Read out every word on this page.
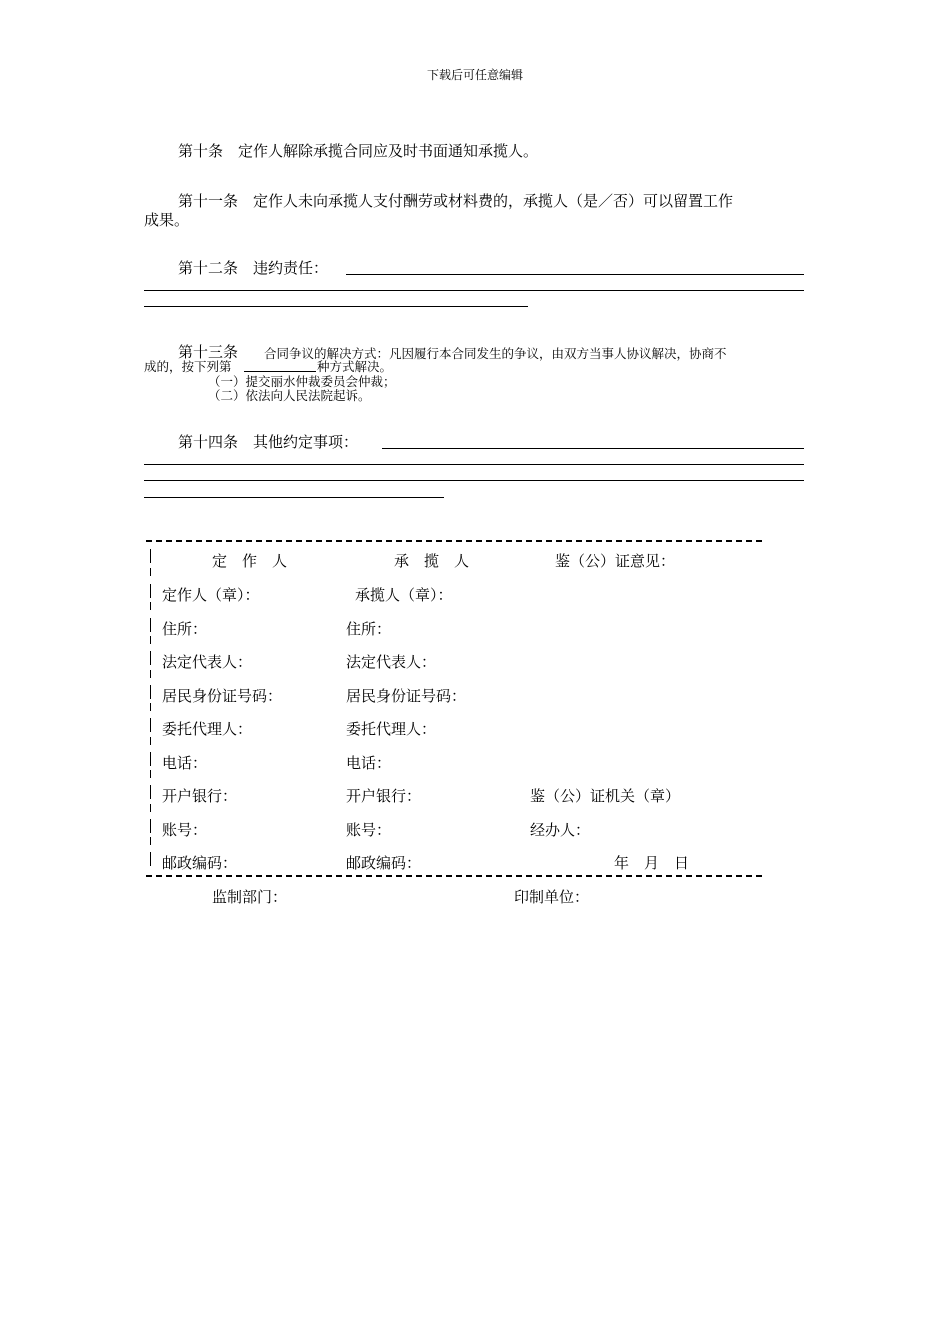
下载后可任意编辑
第十条　定作人解除承揽合同应及时书面通知承揽人。
第十一条　定作人未向承揽人支付酬劳或材料费的，承揽人（是／否）可以留置工作
成果。
第十二条　违约责任：
第十三条 合同争议的解决方式：凡因履行本合同发生的争议，由双方当事人协议解决，协商不
成的，按下列第	种方式解决。
（一）提交丽水仲裁委员会仲裁；
（二）依法向人民法院起诉。
第十四条　其他约定事项：
定　作　人	承　揽　人	鉴（公）证意见：
定作人（章）：	承揽人（章）：
住所：	住所：
法定代表人：	法定代表人：
居民身份证号码：	居民身份证号码：
委托代理人：	委托代理人：
电话：	电话：
开户银行：	开户银行：	鉴（公）证机关（章）
账号：	账号：	经办人：
邮政编码：	邮政编码：	年　月　日
监制部门：	印制单位：
